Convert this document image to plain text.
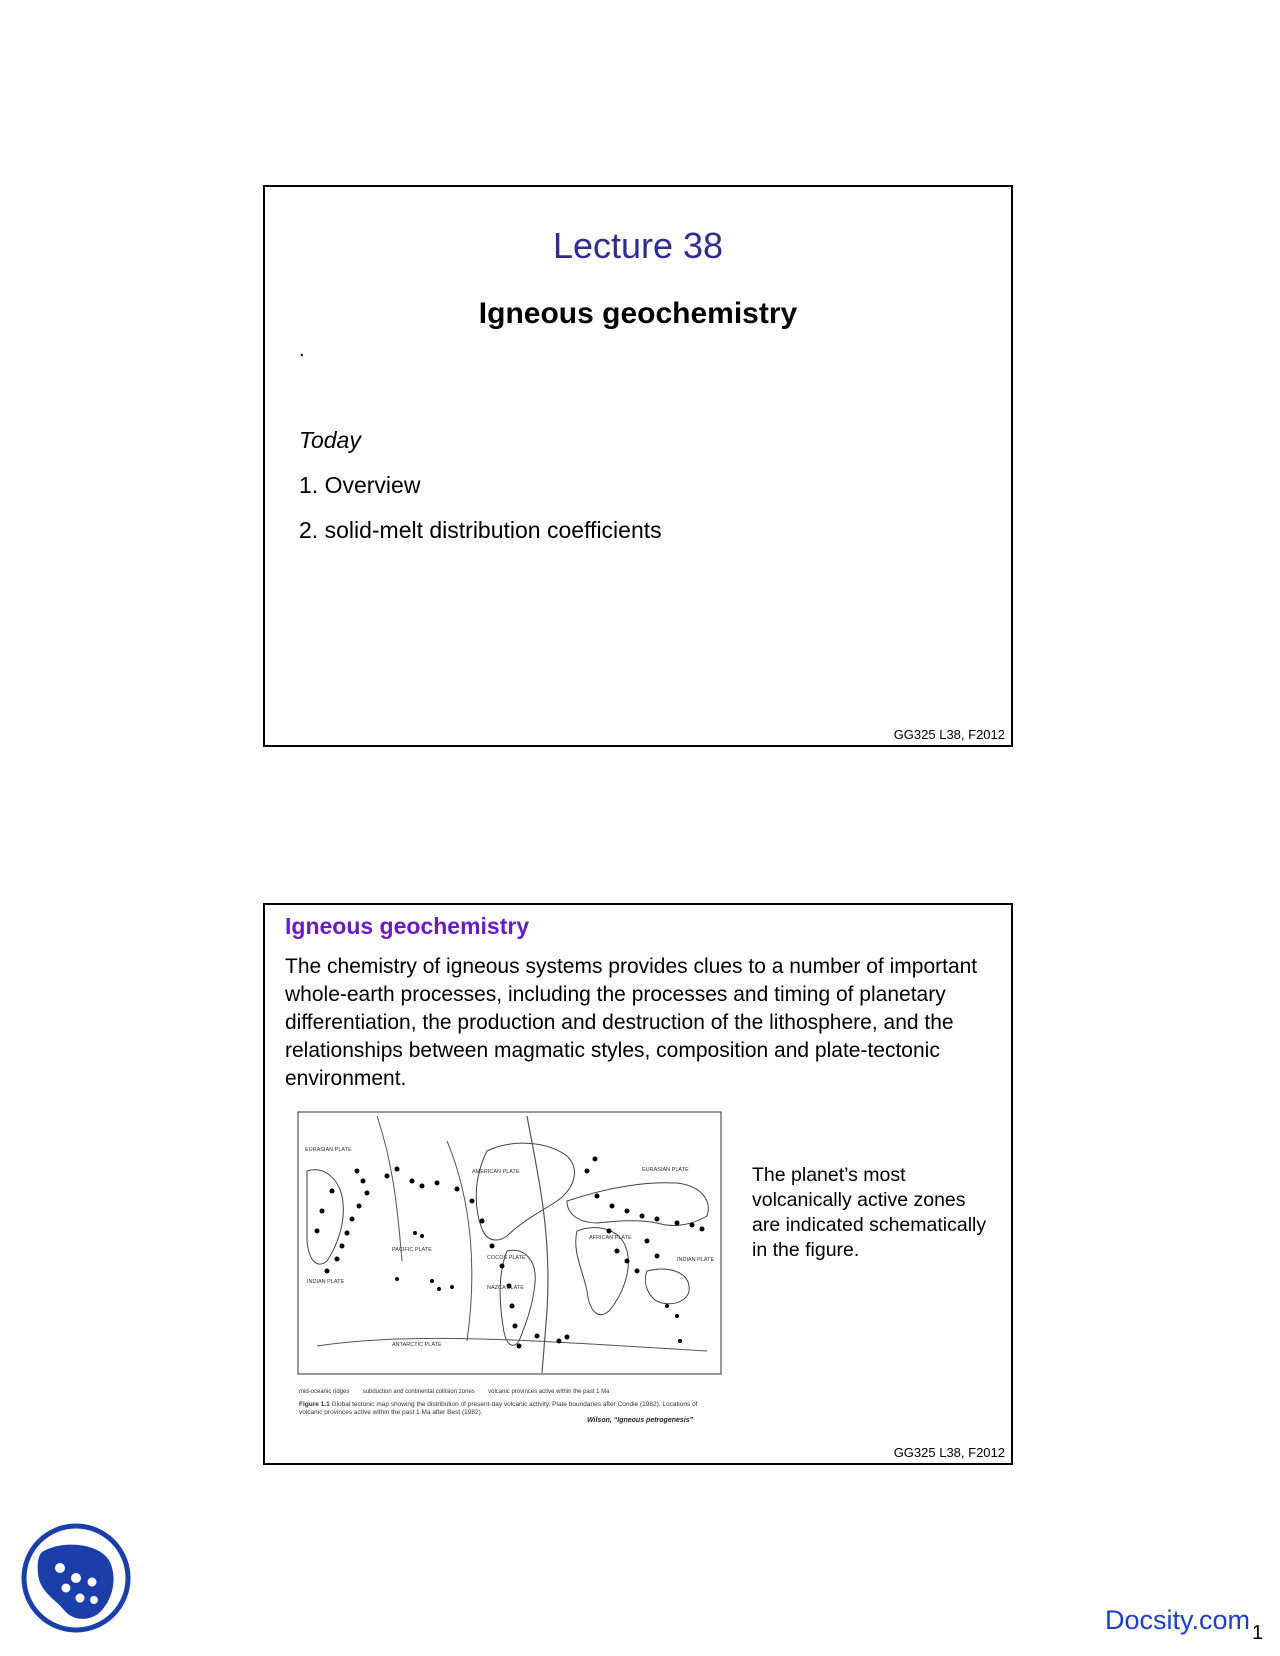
Lecture 38
Igneous geochemistry
.
Today
1. Overview
2. solid-melt distribution coefficients
GG325 L38, F2012
Igneous geochemistry
The chemistry of igneous systems provides clues to a number of important whole-earth processes, including the processes and timing of planetary differentiation, the production and destruction of the lithosphere, and the relationships between magmatic styles, composition and plate-tectonic environment.
EURASIAN PLATE
AMERICAN PLATE	EURASIAN PLATE
PACIFIC PLATE
COCOS PLATE
NAZCA PLATE
AFRICAN PLATE
INDIAN PLATE
INDIAN PLATE
ANTARCTIC PLATE
mid-oceanic ridges subduction and continental collision zones volcanic provinces active within the past 1 Ma
Figure 1.1 Global tectonic map showing the distribution of present-day volcanic activity. Plate boundaries after Condie (1982). Locations of volcanic provinces active within the past 1 Ma after Best (1982).
Wilson, “Igneous petrogenesis”
The planet’s most volcanically active zones are indicated schematically in the figure.
GG325 L38, F2012
Docsity.com 1
